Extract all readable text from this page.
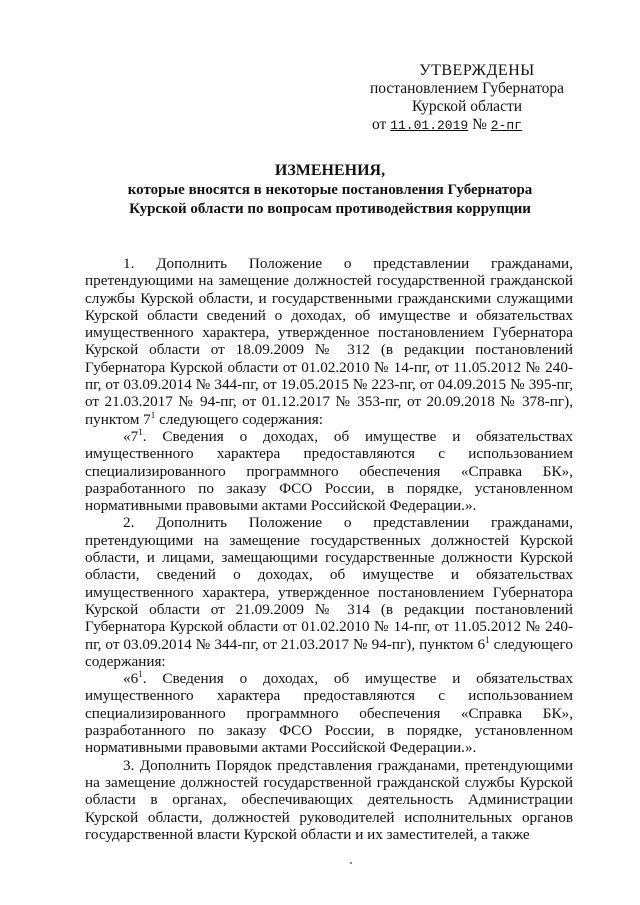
УТВЕРЖДЕНЫ
постановлением Губернатора
Курской области
от 11.01.2019 № 2-пг
ИЗМЕНЕНИЯ,
которые вносятся в некоторые постановления Губернатора
Курской области по вопросам противодействия коррупции

1. Дополнить Положение о представлении гражданами, претендующими на замещение должностей государственной гражданской службы Курской области, и государственными гражданскими служащими Курской области сведений о доходах, об имуществе и обязательствах имущественного характера, утвержденное постановлением Губернатора Курской области от 18.09.2009 № 312 (в редакции постановлений Губернатора Курской области от 01.02.2010 № 14-пг, от 11.05.2012 № 240-пг, от 03.09.2014 № 344-пг, от 19.05.2015 № 223-пг, от 04.09.2015 № 395-пг, от 21.03.2017 № 94-пг, от 01.12.2017 № 353-пг, от 20.09.2018 № 378-пг), пунктом $7^1$ следующего содержания:

«$7^1$. Сведения о доходах, об имуществе и обязательствах имущественного характера предоставляются с использованием специализированного программного обеспечения «Справка БК», разработанного по заказу ФСО России, в порядке, установленном нормативными правовыми актами Российской Федерации.».

2. Дополнить Положение о представлении гражданами, претендующими на замещение государственных должностей Курской области, и лицами, замещающими государственные должности Курской области, сведений о доходах, об имуществе и обязательствах имущественного характера, утвержденное постановлением Губернатора Курской области от 21.09.2009 № 314 (в редакции постановлений Губернатора Курской области от 01.02.2010 № 14-пг, от 11.05.2012 № 240-пг, от 03.09.2014 № 344-пг, от 21.03.2017 № 94-пг), пунктом $6^1$ следующего содержания:

«$6^1$. Сведения о доходах, об имуществе и обязательствах имущественного характера предоставляются с использованием специализированного программного обеспечения «Справка БК», разработанного по заказу ФСО России, в порядке, установленном нормативными правовыми актами Российской Федерации.».

3. Дополнить Порядок представления гражданами, претендующими на замещение должностей государственной гражданской службы Курской области в органах, обеспечивающих деятельность Администрации Курской области, должностей руководителей исполнительных органов государственной власти Курской области и их заместителей, а также
